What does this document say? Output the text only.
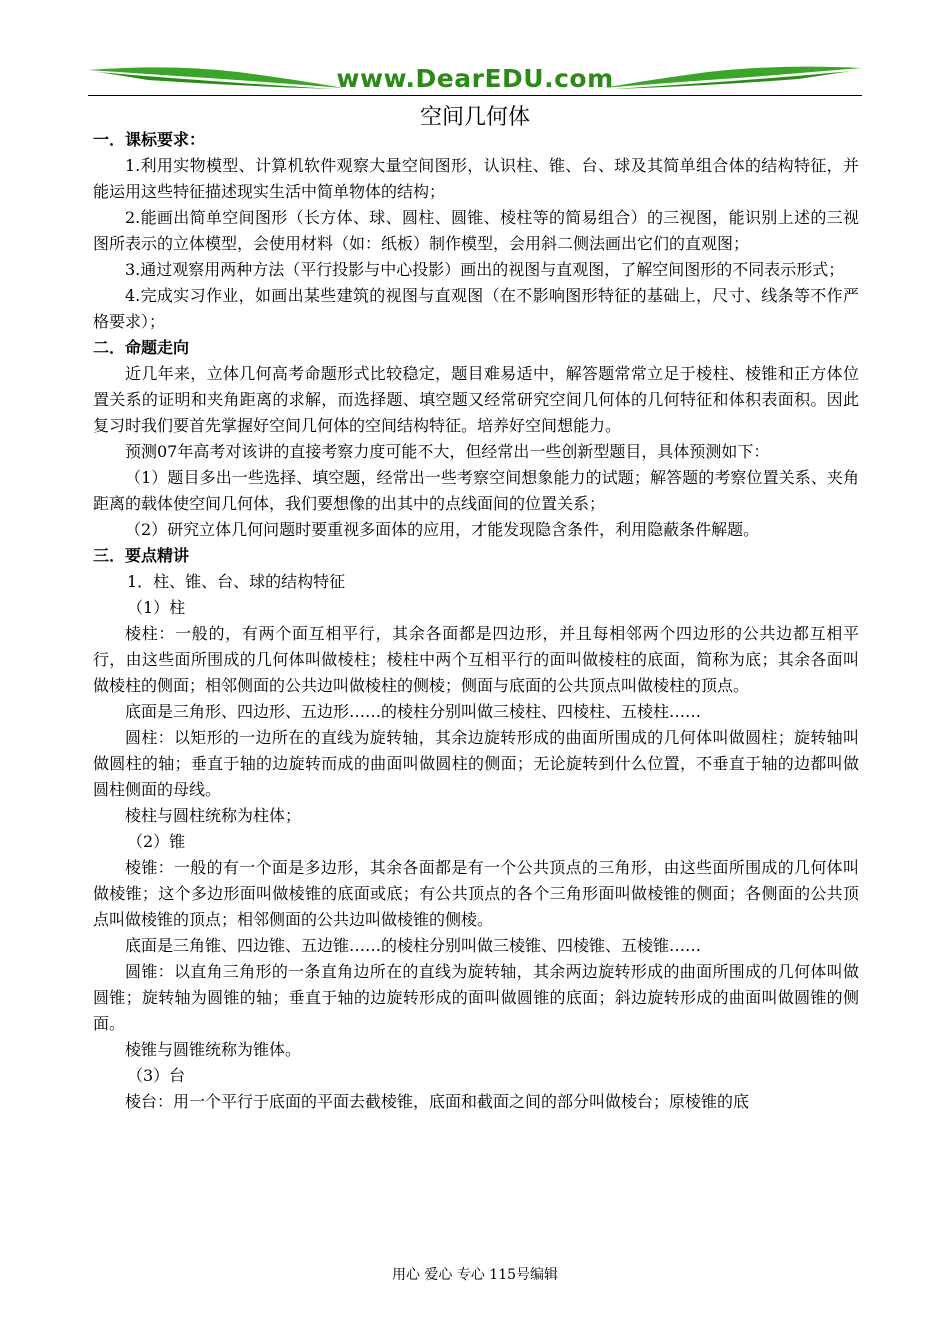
www.DearEDU.com
空间几何体

一．课标要求：

1.利用实物模型、计算机软件观察大量空间图形，认识柱、锥、台、球及其简单组合体的结构特征，并能运用这些特征描述现实生活中简单物体的结构；

2.能画出简单空间图形（长方体、球、圆柱、圆锥、棱柱等的简易组合）的三视图，能识别上述的三视图所表示的立体模型，会使用材料（如：纸板）制作模型，会用斜二侧法画出它们的直观图；

3.通过观察用两种方法（平行投影与中心投影）画出的视图与直观图，了解空间图形的不同表示形式；

4.完成实习作业，如画出某些建筑的视图与直观图（在不影响图形特征的基础上，尺寸、线条等不作严格要求）；

二．命题走向

近几年来，立体几何高考命题形式比较稳定，题目难易适中，解答题常常立足于棱柱、棱锥和正方体位置关系的证明和夹角距离的求解，而选择题、填空题又经常研究空间几何体的几何特征和体积表面积。因此复习时我们要首先掌握好空间几何体的空间结构特征。培养好空间想能力。

预测07年高考对该讲的直接考察力度可能不大，但经常出一些创新型题目，具体预测如下：

（1）题目多出一些选择、填空题，经常出一些考察空间想象能力的试题；解答题的考察位置关系、夹角距离的载体使空间几何体，我们要想像的出其中的点线面间的位置关系；

（2）研究立体几何问题时要重视多面体的应用，才能发现隐含条件，利用隐蔽条件解题。

三．要点精讲

1．柱、锥、台、球的结构特征

（1）柱

棱柱：一般的，有两个面互相平行，其余各面都是四边形，并且每相邻两个四边形的公共边都互相平行，由这些面所围成的几何体叫做棱柱；棱柱中两个互相平行的面叫做棱柱的底面，简称为底；其余各面叫做棱柱的侧面；相邻侧面的公共边叫做棱柱的侧棱；侧面与底面的公共顶点叫做棱柱的顶点。

底面是三角形、四边形、五边形……的棱柱分别叫做三棱柱、四棱柱、五棱柱……

圆柱：以矩形的一边所在的直线为旋转轴，其余边旋转形成的曲面所围成的几何体叫做圆柱；旋转轴叫做圆柱的轴；垂直于轴的边旋转而成的曲面叫做圆柱的侧面；无论旋转到什么位置，不垂直于轴的边都叫做圆柱侧面的母线。

棱柱与圆柱统称为柱体；

（2）锥

棱锥：一般的有一个面是多边形，其余各面都是有一个公共顶点的三角形，由这些面所围成的几何体叫做棱锥；这个多边形面叫做棱锥的底面或底；有公共顶点的各个三角形面叫做棱锥的侧面；各侧面的公共顶点叫做棱锥的顶点；相邻侧面的公共边叫做棱锥的侧棱。

底面是三角锥、四边锥、五边锥……的棱柱分别叫做三棱锥、四棱锥、五棱锥……

圆锥：以直角三角形的一条直角边所在的直线为旋转轴，其余两边旋转形成的曲面所围成的几何体叫做圆锥；旋转轴为圆锥的轴；垂直于轴的边旋转形成的面叫做圆锥的底面；斜边旋转形成的曲面叫做圆锥的侧面。

棱锥与圆锥统称为锥体。

（3）台

棱台：用一个平行于底面的平面去截棱锥，底面和截面之间的部分叫做棱台；原棱锥的底

用心 爱心 专心 115号编辑
